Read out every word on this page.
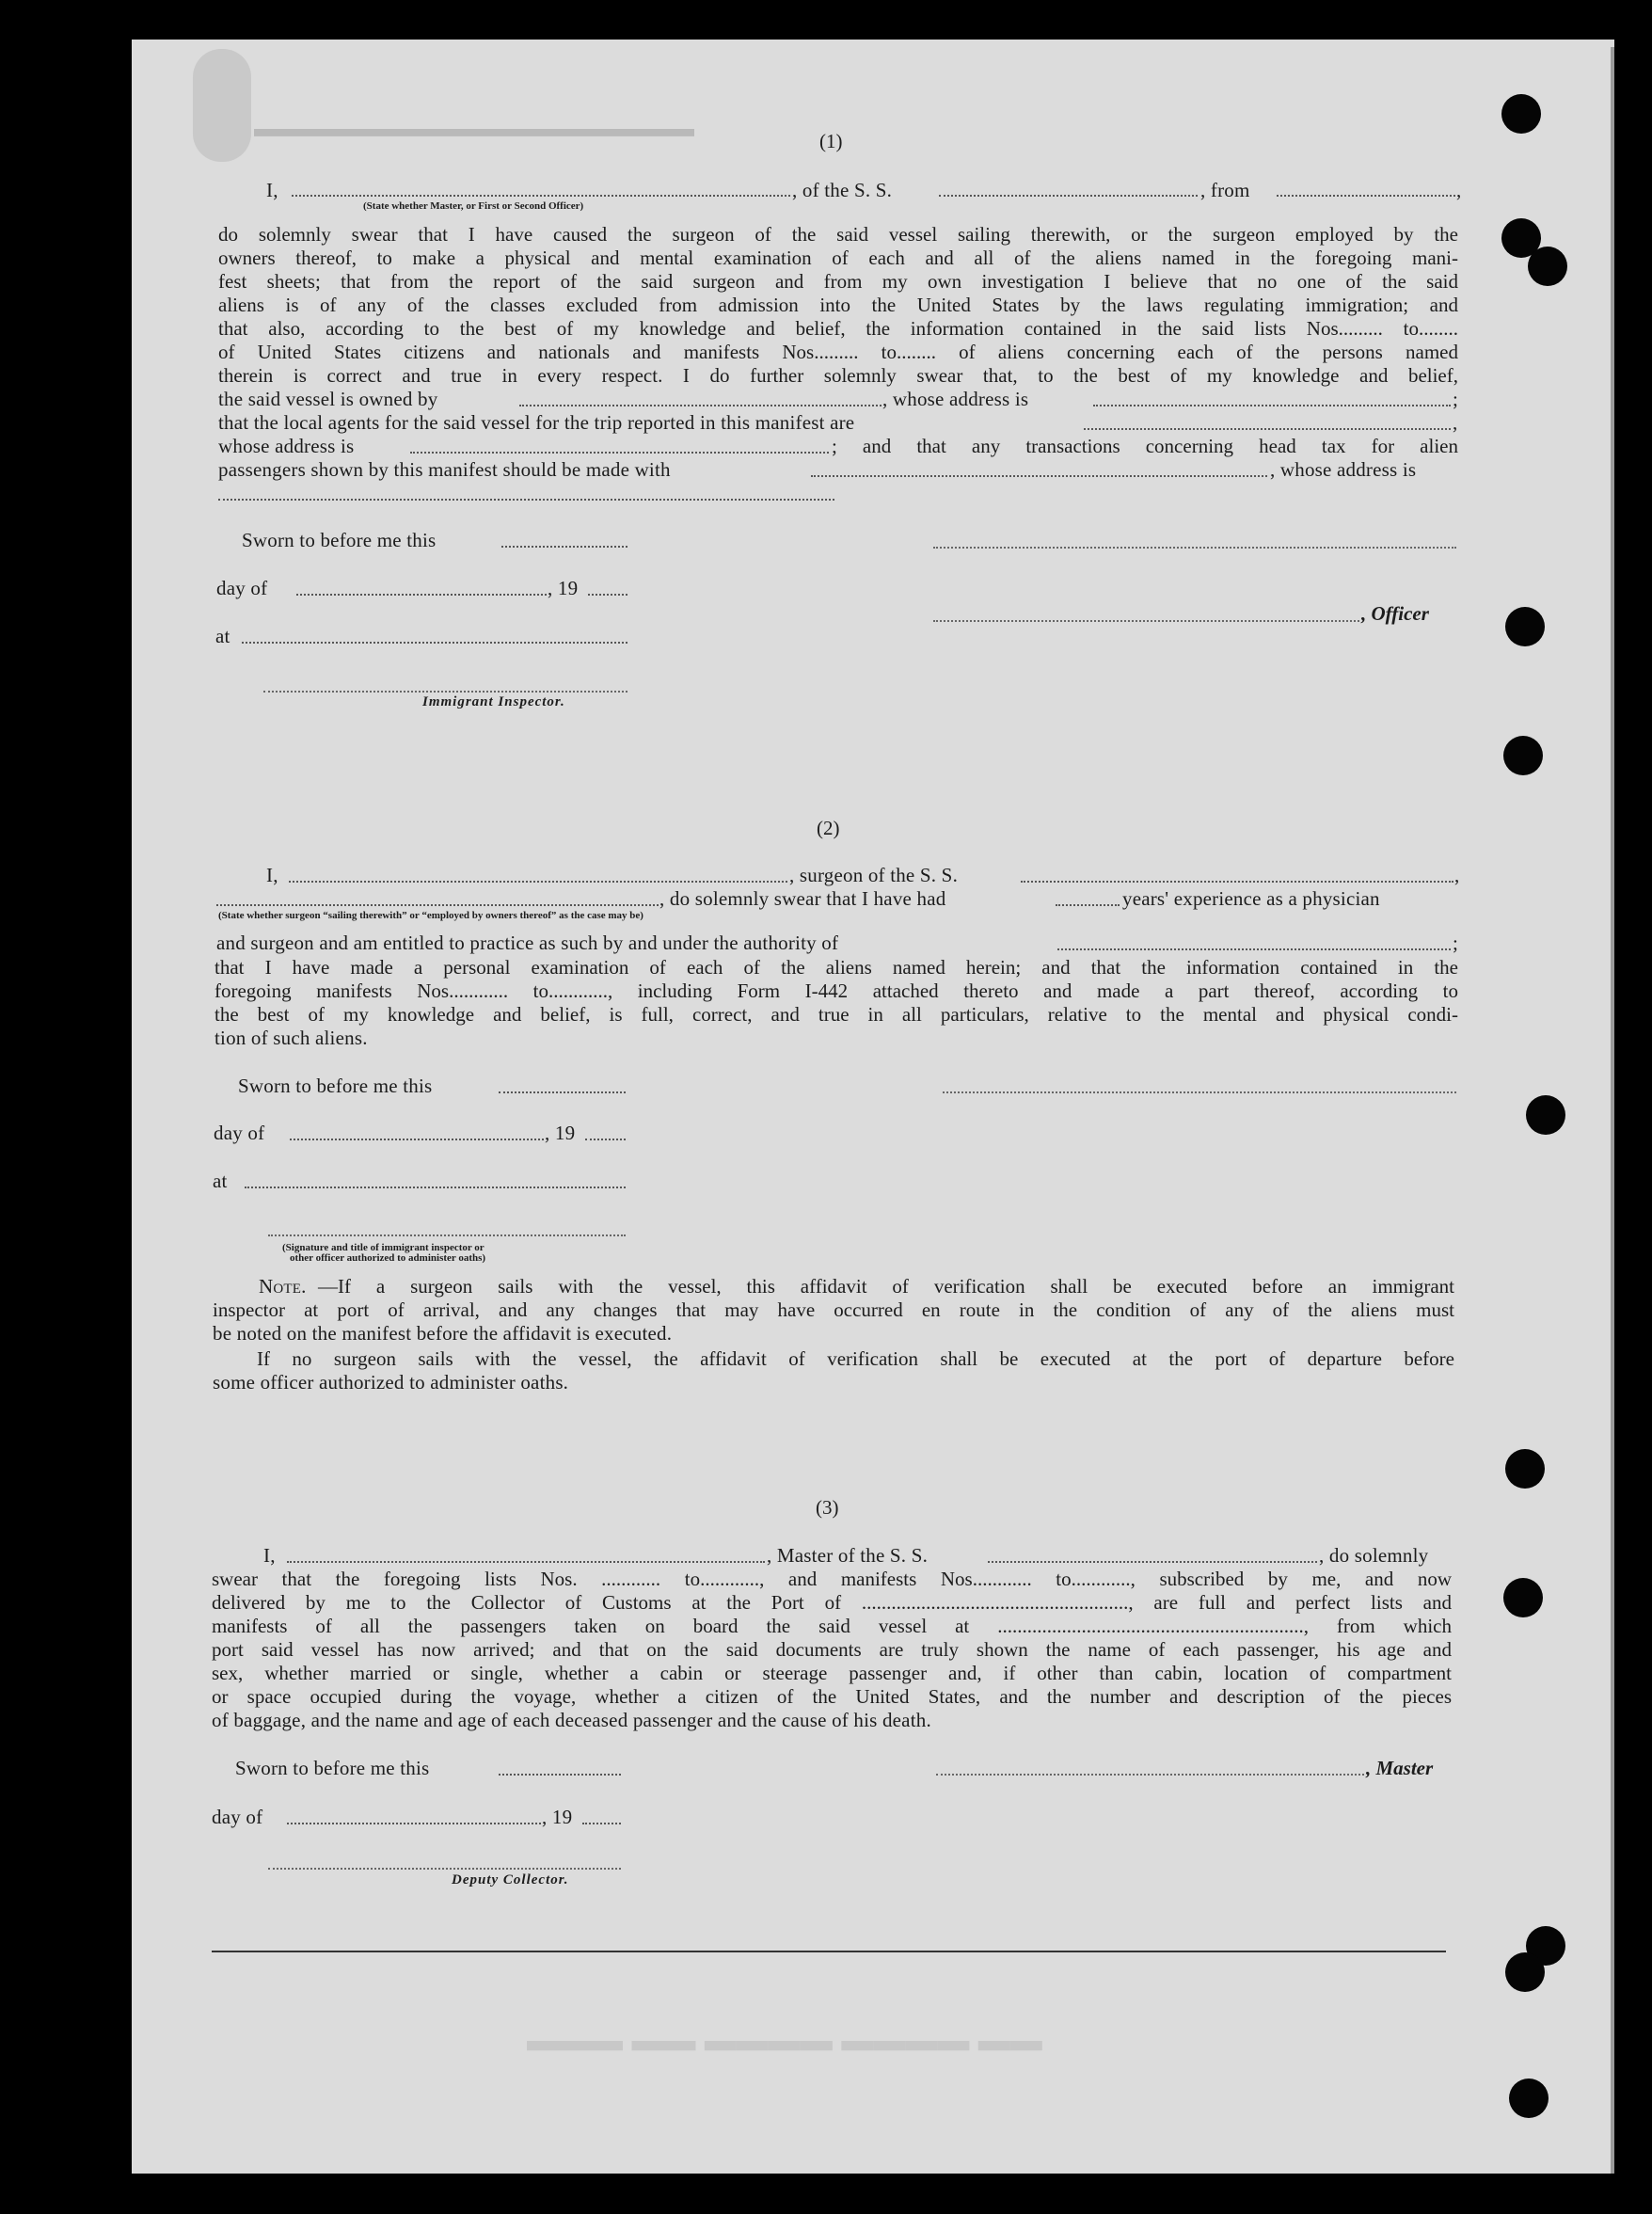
▬▬▬▬▬▬▬▬▬▬▬▬▬▬▬▬▬▬	(1)
I,	, of the S. S.	, from	,
(State whether Master, or First or Second Officer)
do solemnly swear that I have caused the surgeon of the said vessel sailing therewith, or the surgeon employed by the
owners thereof, to make a physical and mental examination of each and all of the aliens named in the foregoing mani-
fest sheets; that from the report of the said surgeon and from my own investigation I believe that no one of the said
aliens is of any of the classes excluded from admission into the United States by the laws regulating immigration; and
that also, according to the best of my knowledge and belief, the information contained in the said lists Nos......... to........
of United States citizens and nationals and manifests Nos......... to........ of aliens concerning each of the persons named
therein is correct and true in every respect. I do further solemnly swear that, to the best of my knowledge and belief,
the said vessel is owned by	, whose address is	;
that the local agents for the said vessel for the trip reported in this manifest are	,
whose address is	; and that any transactions concerning head tax for alien
passengers shown by this manifest should be made with	, whose address is
Sworn to before me this
day of	, 19
, Officer
at
Immigrant Inspector.
(2)
I,	, surgeon of the S. S.	,
, do solemnly swear that I have had	years' experience as a physician
(State whether surgeon “sailing therewith” or “employed by owners thereof” as the case may be)
and surgeon and am entitled to practice as such by and under the authority of	;
that I have made a personal examination of each of the aliens named herein; and that the information contained in the
foregoing manifests Nos............ to............, including Form I-442 attached thereto and made a part thereof, according to
the best of my knowledge and belief, is full, correct, and true in all particulars, relative to the mental and physical condi-
tion of such aliens.
Sworn to before me this
day of	, 19
at
(Signature and title of immigrant inspector or
other officer authorized to administer oaths)
Note. —If a surgeon sails with the vessel, this affidavit of verification shall be executed before an immigrant
inspector at port of arrival, and any changes that may have occurred en route in the condition of any of the aliens must
be noted on the manifest before the affidavit is executed.
If no surgeon sails with the vessel, the affidavit of verification shall be executed at the port of departure before
some officer authorized to administer oaths.
(3)
I,	, Master of the S. S.	, do solemnly
swear that the foregoing lists Nos. ............ to............, and manifests Nos............ to............, subscribed by me, and now
delivered by me to the Collector of Customs at the Port of ......................................................, are full and perfect lists and
manifests of all the passengers taken on board the said vessel at .............................................................., from which
port said vessel has now arrived; and that on the said documents are truly shown the name of each passenger, his age and
sex, whether married or single, whether a cabin or steerage passenger and, if other than cabin, location of compartment
or space occupied during the voyage, whether a citizen of the United States, and the number and description of the pieces
of baggage, and the name and age of each deceased passenger and the cause of his death.
Sworn to before me this	, Master
day of	, 19
Deputy Collector.
▬▬ ▬▬▬▬ ▬▬▬▬ ▬▬ ▬▬▬
